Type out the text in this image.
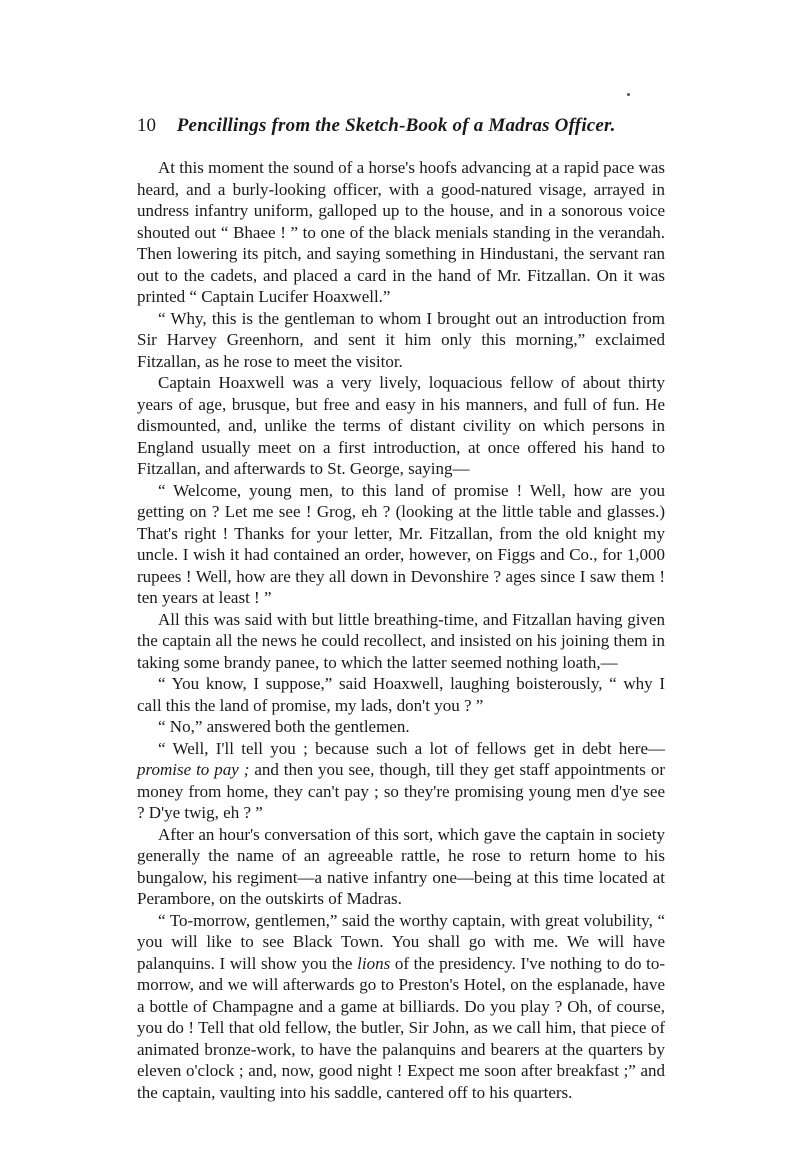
10 Pencillings from the Sketch-Book of a Madras Officer.

At this moment the sound of a horse's hoofs advancing at a rapid pace was heard, and a burly-looking officer, with a good-natured visage, arrayed in undress infantry uniform, galloped up to the house, and in a sonorous voice shouted out “ Bhaee ! ” to one of the black menials standing in the verandah. Then lowering its pitch, and saying something in Hindustani, the servant ran out to the cadets, and placed a card in the hand of Mr. Fitzallan. On it was printed “ Captain Lucifer Hoaxwell.”

“ Why, this is the gentleman to whom I brought out an introduction from Sir Harvey Greenhorn, and sent it him only this morning,” exclaimed Fitzallan, as he rose to meet the visitor.

Captain Hoaxwell was a very lively, loquacious fellow of about thirty years of age, brusque, but free and easy in his manners, and full of fun. He dismounted, and, unlike the terms of distant civility on which persons in England usually meet on a first introduction, at once offered his hand to Fitzallan, and afterwards to St. George, saying—

“ Welcome, young men, to this land of promise ! Well, how are you getting on ? Let me see ! Grog, eh ? (looking at the little table and glasses.) That's right ! Thanks for your letter, Mr. Fitzallan, from the old knight my uncle. I wish it had contained an order, however, on Figgs and Co., for 1,000 rupees ! Well, how are they all down in Devonshire ? ages since I saw them ! ten years at least ! ”

All this was said with but little breathing-time, and Fitzallan having given the captain all the news he could recollect, and insisted on his joining them in taking some brandy panee, to which the latter seemed nothing loath,—

“ You know, I suppose,” said Hoaxwell, laughing boisterously, “ why I call this the land of promise, my lads, don't you ? ”

“ No,” answered both the gentlemen.

“ Well, I'll tell you ; because such a lot of fellows get in debt here—promise to pay ; and then you see, though, till they get staff appointments or money from home, they can't pay ; so they're promising young men d'ye see ? D'ye twig, eh ? ”

After an hour's conversation of this sort, which gave the captain in society generally the name of an agreeable rattle, he rose to return home to his bungalow, his regiment—a native infantry one—being at this time located at Perambore, on the outskirts of Madras.

“ To-morrow, gentlemen,” said the worthy captain, with great volubility, “ you will like to see Black Town. You shall go with me. We will have palanquins. I will show you the lions of the presidency. I've nothing to do to-morrow, and we will afterwards go to Preston's Hotel, on the esplanade, have a bottle of Champagne and a game at billiards. Do you play ? Oh, of course, you do ! Tell that old fellow, the butler, Sir John, as we call him, that piece of animated bronze-work, to have the palanquins and bearers at the quarters by eleven o'clock ; and, now, good night ! Expect me soon after breakfast ;” and the captain, vaulting into his saddle, cantered off to his quarters.
